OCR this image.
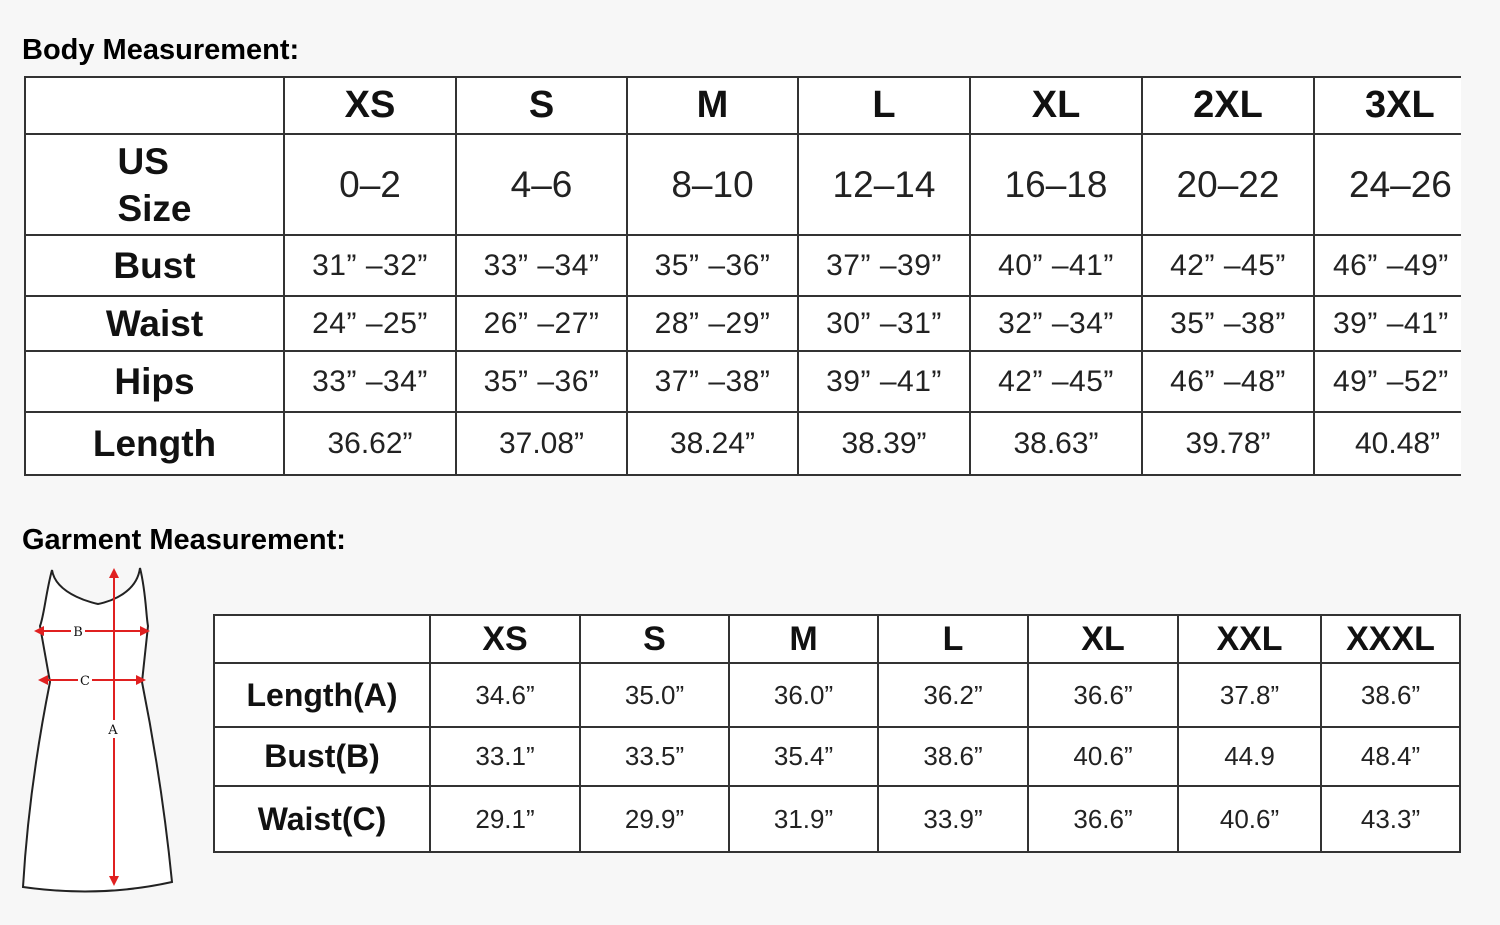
Body Measurement:
	XS	S	M	L	XL	2XL	3XL
US
Size	0–2	4–6	8–10	12–14	16–18	20–22	24–26
Bust	31” –32”	33” –34”	35” –36”	37” –39”	40” –41”	42” –45”	46” –49”
Waist	24” –25”	26” –27”	28” –29”	30” –31”	32” –34”	35” –38”	39” –41”
Hips	33” –34”	35” –36”	37” –38”	39” –41”	42” –45”	46” –48”	49” –52”
Length	36.62”	37.08”	38.24”	38.39”	38.63”	39.78”	40.48”
Garment Measurement:
B
C
A
	XS	S	M	L	XL	XXL	XXXL
Length(A)	34.6”	35.0”	36.0”	36.2”	36.6”	37.8”	38.6”
Bust(B)	33.1”	33.5”	35.4”	38.6”	40.6”	44.9	48.4”
Waist(C)	29.1”	29.9”	31.9”	33.9”	36.6”	40.6”	43.3”
